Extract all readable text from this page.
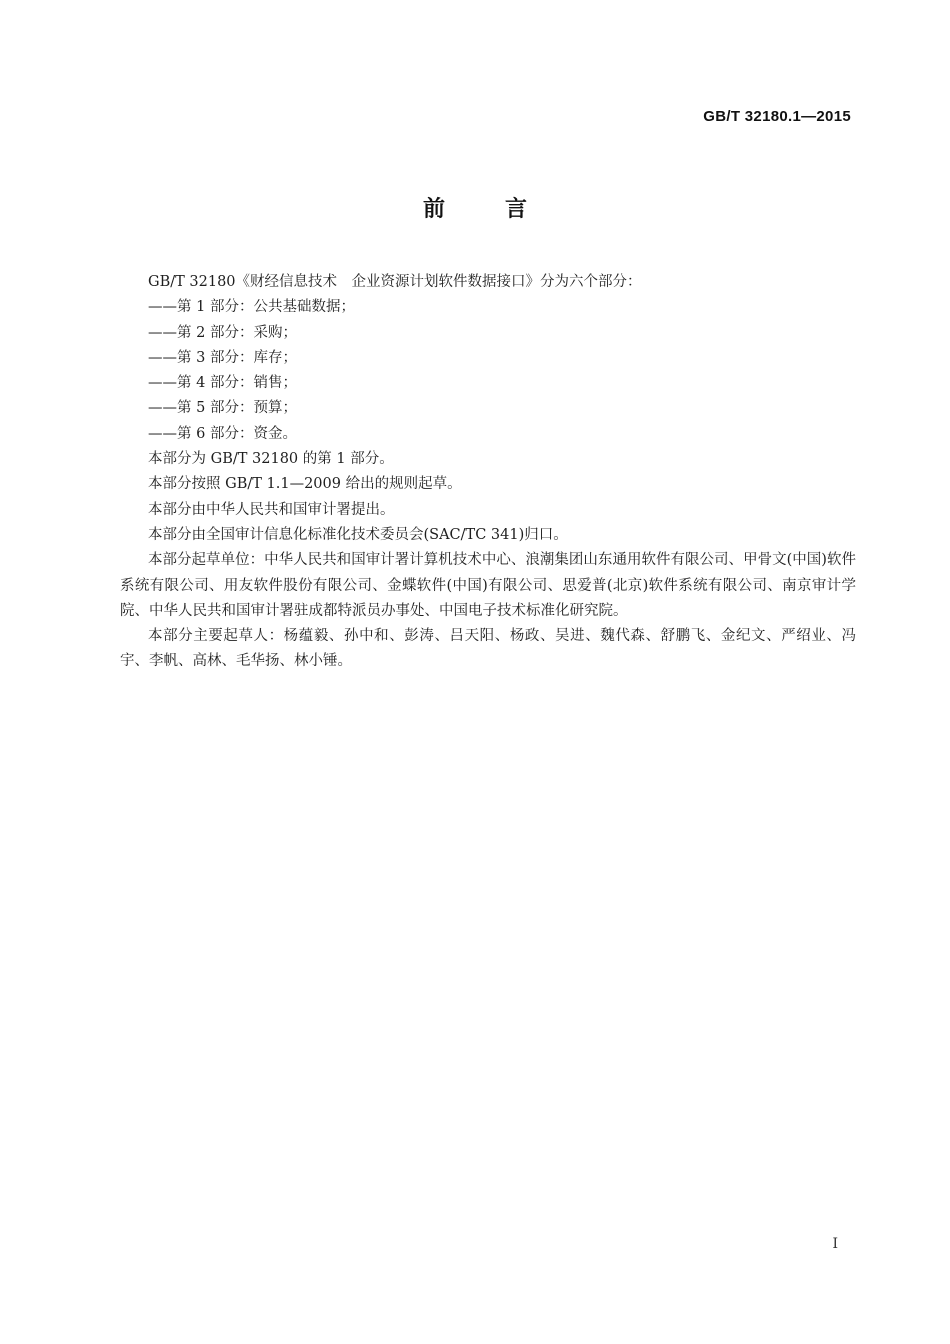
GB/T 32180.1—2015
前言

GB/T 32180《财经信息技术　企业资源计划软件数据接口》分为六个部分：

——第 1 部分：公共基础数据；

——第 2 部分：采购；

——第 3 部分：库存；

——第 4 部分：销售；

——第 5 部分：预算；

——第 6 部分：资金。

本部分为 GB/T 32180 的第 1 部分。

本部分按照 GB/T 1.1—2009 给出的规则起草。

本部分由中华人民共和国审计署提出。

本部分由全国审计信息化标准化技术委员会(SAC/TC 341)归口。

本部分起草单位：中华人民共和国审计署计算机技术中心、浪潮集团山东通用软件有限公司、甲骨文(中国)软件系统有限公司、用友软件股份有限公司、金蝶软件(中国)有限公司、思爱普(北京)软件系统有限公司、南京审计学院、中华人民共和国审计署驻成都特派员办事处、中国电子技术标准化研究院。

本部分主要起草人：杨蕴毅、孙中和、彭涛、吕天阳、杨政、吴进、魏代森、舒鹏飞、金纪文、严绍业、冯宇、李帆、高林、毛华扬、林小锤。

I
